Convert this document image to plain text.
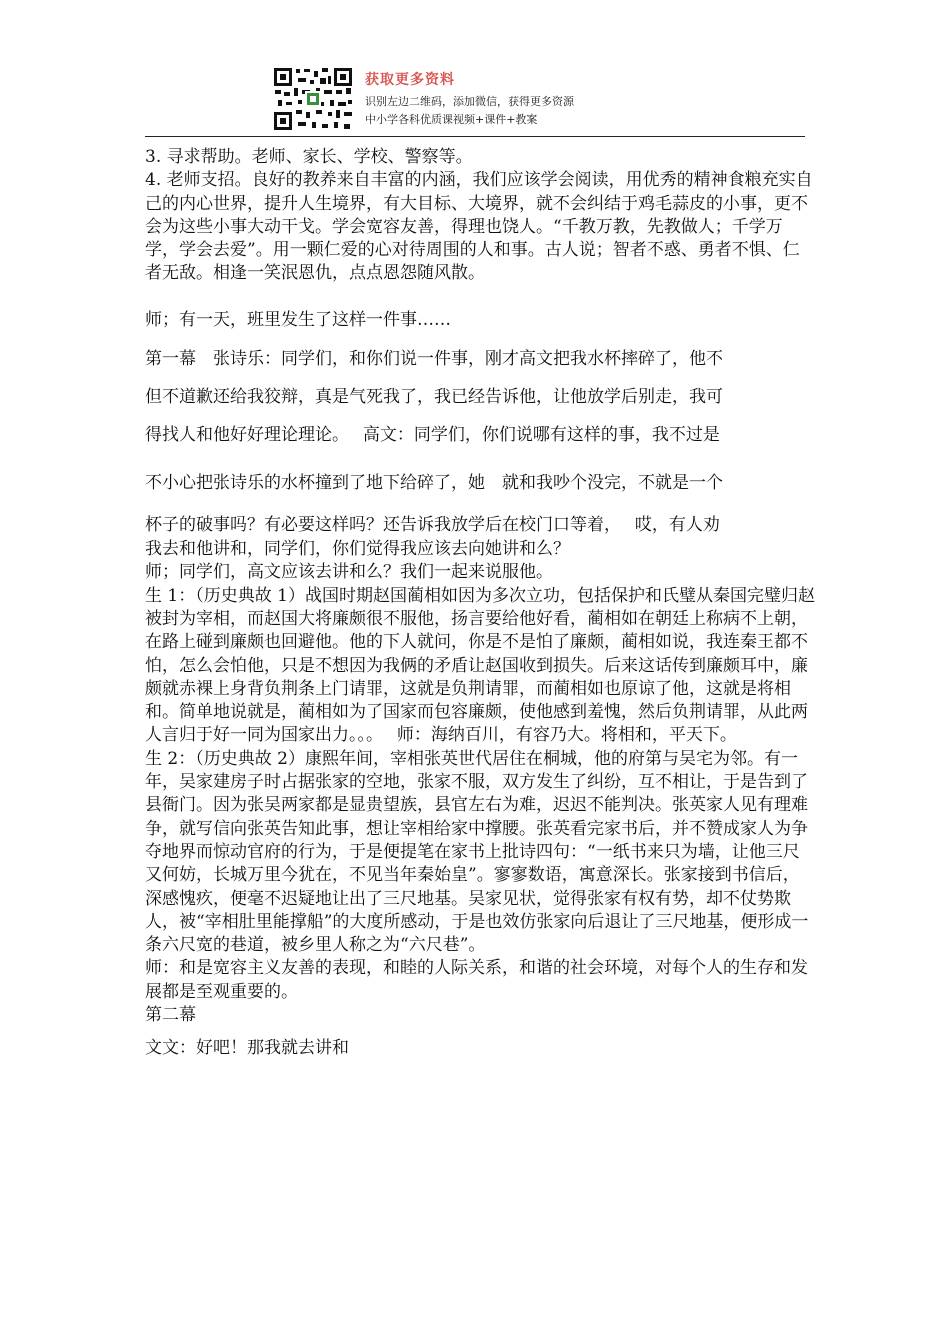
获取更多资料
识别左边二维码，添加微信，获得更多资源
中小学各科优质课视频+课件+教案

3. 寻求帮助。老师、家长、学校、警察等。

4. 老师支招。良好的教养来自丰富的内涵，我们应该学会阅读，用优秀的精神食粮充实自己的内心世界，提升人生境界，有大目标、大境界，就不会纠结于鸡毛蒜皮的小事，更不会为这些小事大动干戈。学会宽容友善，得理也饶人。“千教万教，先教做人；千学万学，学会去爱”。用一颗仁爱的心对待周围的人和事。古人说；智者不惑、勇者不惧、仁者无敌。相逢一笑泯恩仇，点点恩怨随风散。

师；有一天，班里发生了这样一件事……

第一幕　张诗乐：同学们，和你们说一件事，刚才高文把我水杯摔碎了，他不

但不道歉还给我狡辩，真是气死我了，我已经告诉他，让他放学后别走，我可

得找人和他好好理论理论。　 高文：同学们，你们说哪有这样的事，我不过是

不小心把张诗乐的水杯撞到了地下给碎了，她　就和我吵个没完，不就是一个

杯子的破事吗？有必要这样吗？还告诉我放学后在校门口等着，　 哎，有人劝

我去和他讲和，同学们，你们觉得我应该去向她讲和么？

师；同学们，高文应该去讲和么？我们一起来说服他。

生 1：（历史典故 1）战国时期赵国蔺相如因为多次立功，包括保护和氏璧从秦国完璧归赵被封为宰相，而赵国大将廉颇很不服他，扬言要给他好看，蔺相如在朝廷上称病不上朝，在路上碰到廉颇也回避他。他的下人就问，你是不是怕了廉颇，蔺相如说，我连秦王都不怕，怎么会怕他，只是不想因为我俩的矛盾让赵国收到损失。后来这话传到廉颇耳中，廉颇就赤裸上身背负荆条上门请罪，这就是负荆请罪，而蔺相如也原谅了他，这就是将相和。简单地说就是，蔺相如为了国家而包容廉颇，使他感到羞愧，然后负荆请罪，从此两人言归于好一同为国家出力。。。　 师：海纳百川，有容乃大。将相和，平天下。

生 2：（历史典故 2）康熙年间，宰相张英世代居住在桐城，他的府第与吴宅为邻。有一年，吴家建房子时占据张家的空地，张家不服，双方发生了纠纷，互不相让，于是告到了县衙门。因为张吴两家都是显贵望族，县官左右为难，迟迟不能判决。张英家人见有理难争，就写信向张英告知此事，想让宰相给家中撑腰。张英看完家书后，并不赞成家人为争夺地界而惊动官府的行为，于是便提笔在家书上批诗四句：“一纸书来只为墙，让他三尺又何妨，长城万里今犹在，不见当年秦始皇”。寥寥数语，寓意深长。张家接到书信后，深感愧疚，便毫不迟疑地让出了三尺地基。吴家见状，觉得张家有权有势，却不仗势欺人，被“宰相肚里能撑船”的大度所感动，于是也效仿张家向后退让了三尺地基，便形成一条六尺宽的巷道，被乡里人称之为“六尺巷”。

师：和是宽容主义友善的表现，和睦的人际关系，和谐的社会环境，对每个人的生存和发展都是至观重要的。

第二幕

文文：好吧！那我就去讲和
